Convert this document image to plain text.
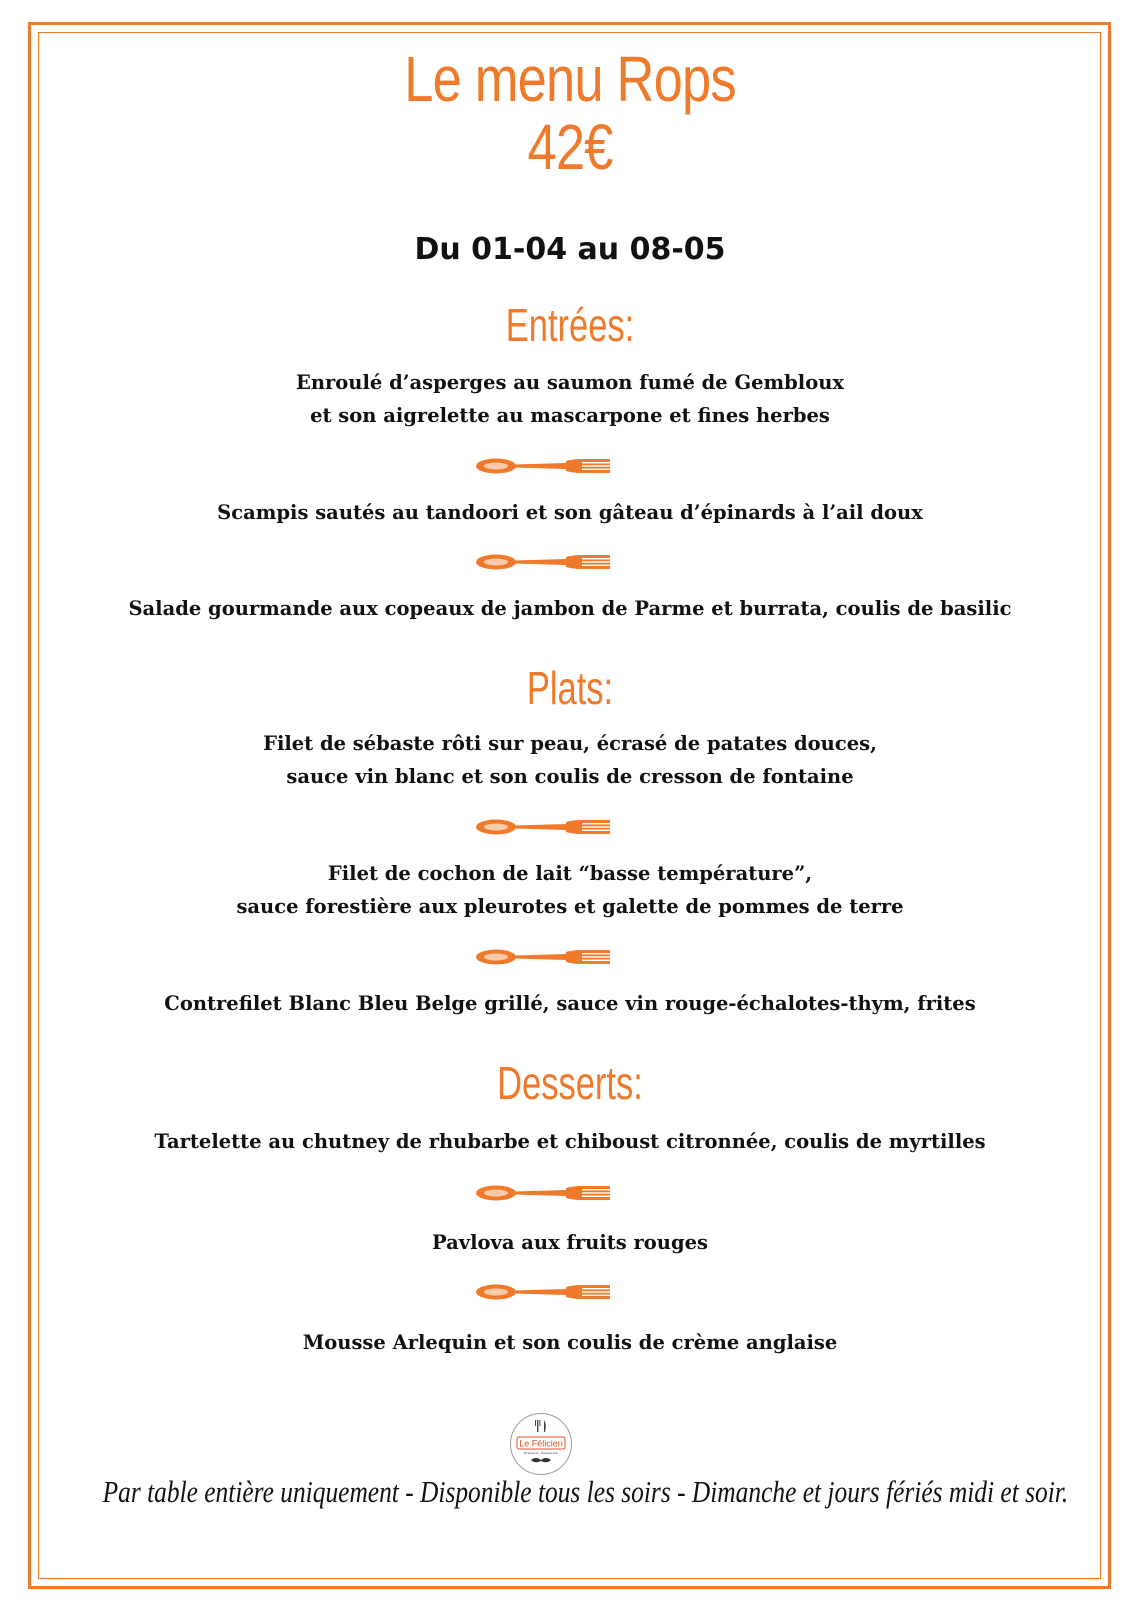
Le menu Rops
42€
Du 01-04 au 08-05
Entrées:
Enroulé d’asperges au saumon fumé de Gembloux
et son aigrelette au mascarpone et fines herbes
Scampis sautés au tandoori et son gâteau d’épinards à l’ail doux
Salade gourmande aux copeaux de jambon de Parme et burrata, coulis de basilic
Plats:
Filet de sébaste rôti sur peau, écrasé de patates douces,
sauce vin blanc et son coulis de cresson de fontaine
Filet de cochon de lait “basse température”,
sauce forestière aux pleurotes et galette de pommes de terre
Contrefilet Blanc Bleu Belge grillé, sauce vin rouge-échalotes-thym, frites
Desserts:
Tartelette au chutney de rhubarbe et chiboust citronnée, coulis de myrtilles
Pavlova aux fruits rouges
Mousse Arlequin et son coulis de crème anglaise
Le Félicien
Brasserie - Restaurant
Par table entière uniquement - Disponible tous les soirs - Dimanche et jours fériés midi et soir.
